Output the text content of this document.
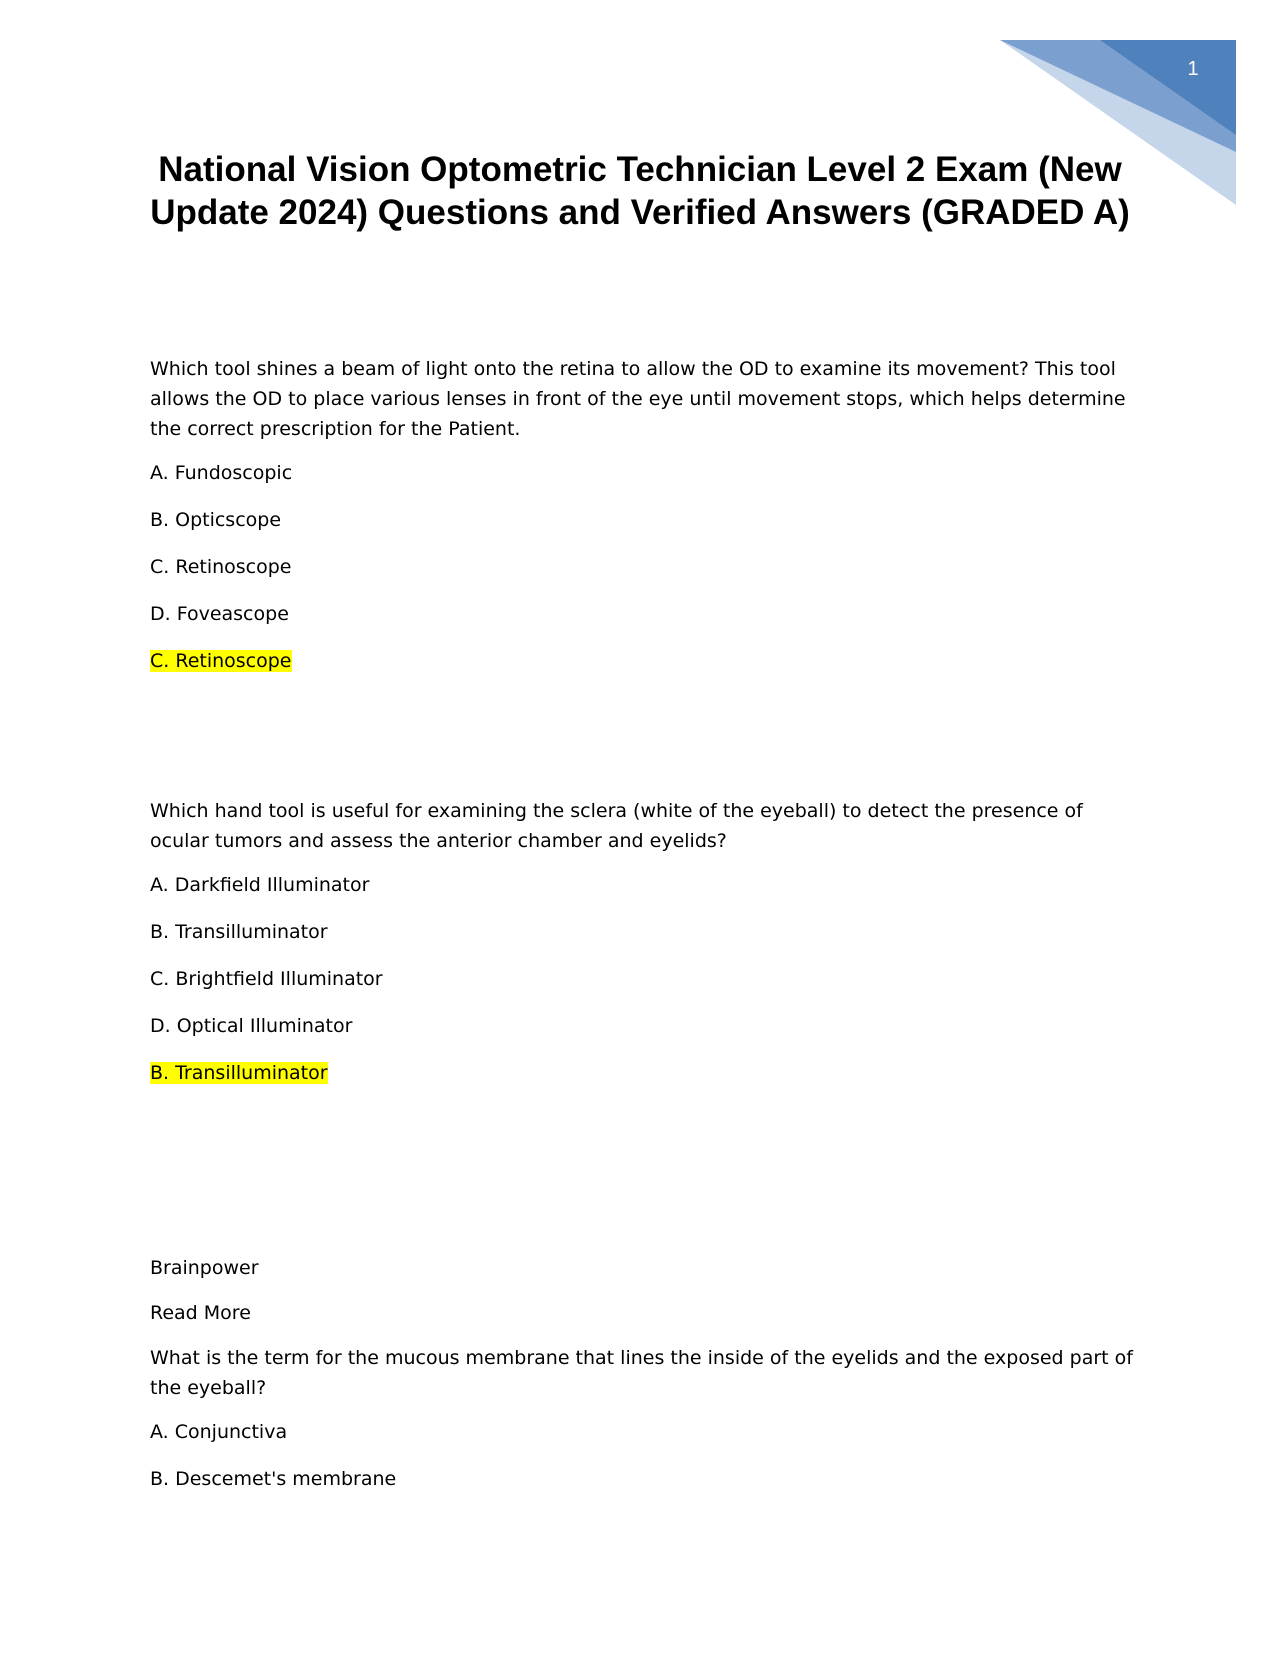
1
National Vision Optometric Technician Level 2 Exam (New Update 2024) Questions and Verified Answers (GRADED A)

Which tool shines a beam of light onto the retina to allow the OD to examine its movement? This tool allows the OD to place various lenses in front of the eye until movement stops, which helps determine the correct prescription for the Patient.

A. Fundoscopic

B. Opticscope

C. Retinoscope

D. Foveascope

C. Retinoscope

Which hand tool is useful for examining the sclera (white of the eyeball) to detect the presence of ocular tumors and assess the anterior chamber and eyelids?

A. Darkfield Illuminator

B. Transilluminator

C. Brightfield Illuminator

D. Optical Illuminator

B. Transilluminator

Brainpower

Read More

What is the term for the mucous membrane that lines the inside of the eyelids and the exposed part of the eyeball?

A. Conjunctiva

B. Descemet's membrane
